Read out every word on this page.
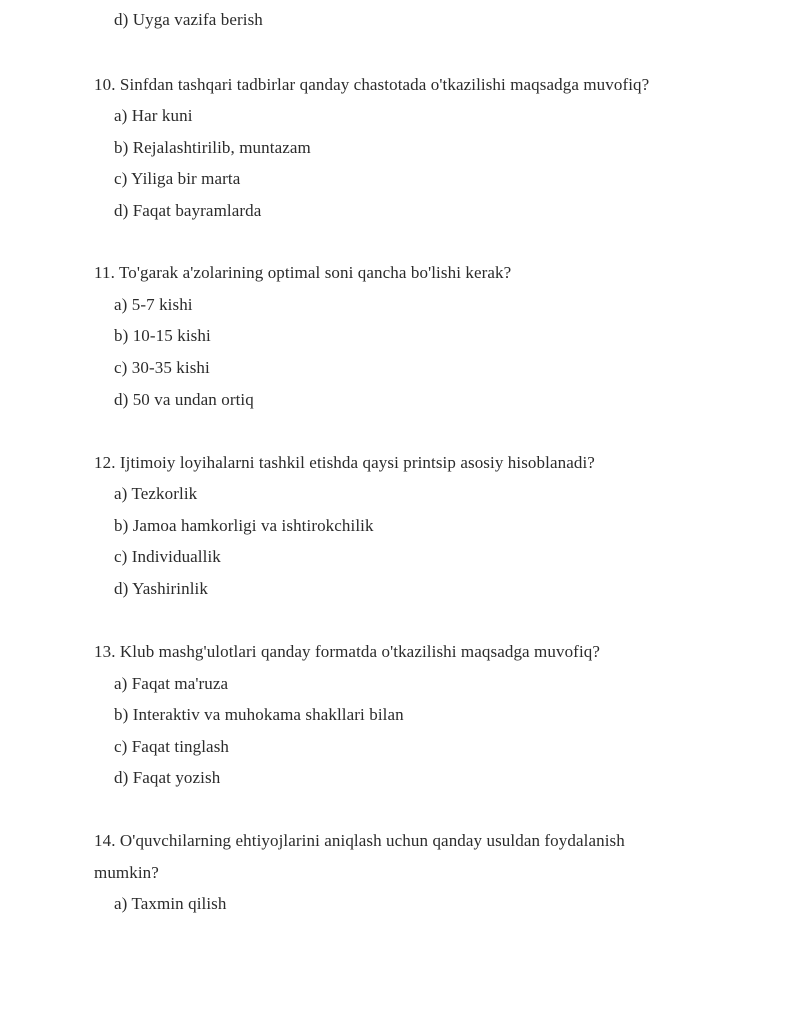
d) Uyga vazifa berish
10. Sinfdan tashqari tadbirlar qanday chastotada o'tkazilishi maqsadga muvofiq?
a) Har kuni
b) Rejalashtirilib, muntazam
c) Yiliga bir marta
d) Faqat bayramlarda
11. To'garak a'zolarining optimal soni qancha bo'lishi kerak?
a) 5-7 kishi
b) 10-15 kishi
c) 30-35 kishi
d) 50 va undan ortiq
12. Ijtimoiy loyihalarni tashkil etishda qaysi printsip asosiy hisoblanadi?
a) Tezkorlik
b) Jamoa hamkorligi va ishtirokchilik
c) Individuallik
d) Yashirinlik
13. Klub mashg'ulotlari qanday formatda o'tkazilishi maqsadga muvofiq?
a) Faqat ma'ruza
b) Interaktiv va muhokama shakllari bilan
c) Faqat tinglash
d) Faqat yozish
14. O'quvchilarning ehtiyojlarini aniqlash uchun qanday usuldan foydalanish
mumkin?
a) Taxmin qilish
